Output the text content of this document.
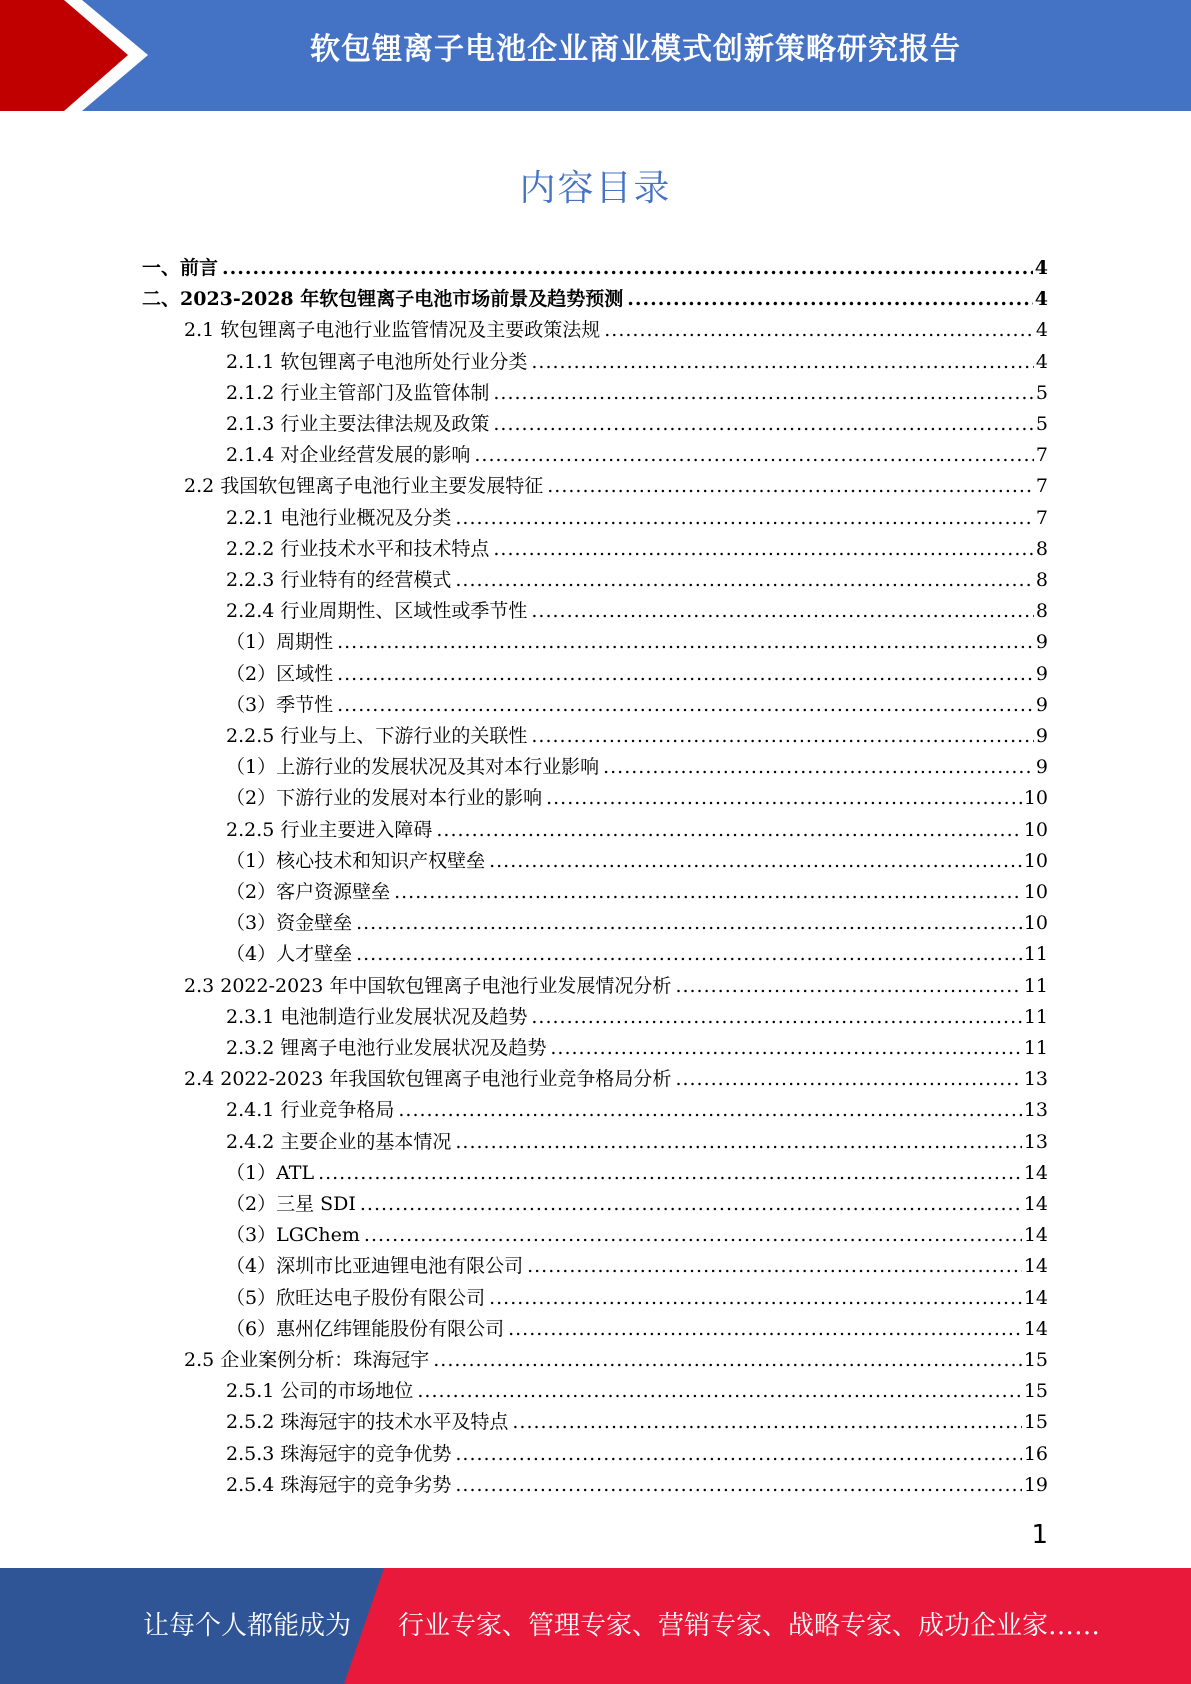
软包锂离子电池企业商业模式创新策略研究报告
内容目录
一、前言 .....	4
二、2023-2028 年软包锂离子电池市场前景及趋势预测 .....	4
2.1 软包锂离子电池行业监管情况及主要政策法规 .....	4
2.1.1 软包锂离子电池所处行业分类 .....	4
2.1.2 行业主管部门及监管体制 .....	5
2.1.3 行业主要法律法规及政策 .....	5
2.1.4 对企业经营发展的影响 .....	7
2.2 我国软包锂离子电池行业主要发展特征 .....	7
2.2.1 电池行业概况及分类 .....	7
2.2.2 行业技术水平和技术特点 .....	8
2.2.3 行业特有的经营模式 .....	8
2.2.4 行业周期性、区域性或季节性 .....	8
（1）周期性 .....	9
（2）区域性 .....	9
（3）季节性 .....	9
2.2.5 行业与上、下游行业的关联性 .....	9
（1）上游行业的发展状况及其对本行业影响 .....	9
（2）下游行业的发展对本行业的影响 .....	10
2.2.5 行业主要进入障碍 .....	10
（1）核心技术和知识产权壁垒 .....	10
（2）客户资源壁垒 .....	10
（3）资金壁垒 .....	10
（4）人才壁垒 .....	11
2.3 2022-2023 年中国软包锂离子电池行业发展情况分析 .....	11
2.3.1 电池制造行业发展状况及趋势 .....	11
2.3.2 锂离子电池行业发展状况及趋势 .....	11
2.4 2022-2023 年我国软包锂离子电池行业竞争格局分析 .....	13
2.4.1 行业竞争格局 .....	13
2.4.2 主要企业的基本情况 .....	13
（1）ATL .....	14
（2）三星 SDI .....	14
（3）LGChem .....	14
（4）深圳市比亚迪锂电池有限公司 .....	14
（5）欣旺达电子股份有限公司 .....	14
（6）惠州亿纬锂能股份有限公司 .....	14
2.5 企业案例分析：珠海冠宇 .....	15
2.5.1 公司的市场地位 .....	15
2.5.2 珠海冠宇的技术水平及特点 .....	15
2.5.3 珠海冠宇的竞争优势 .....	16
2.5.4 珠海冠宇的竞争劣势 .....	19
1
让每个人都能成为 行业专家、管理专家、营销专家、战略专家、成功企业家……
